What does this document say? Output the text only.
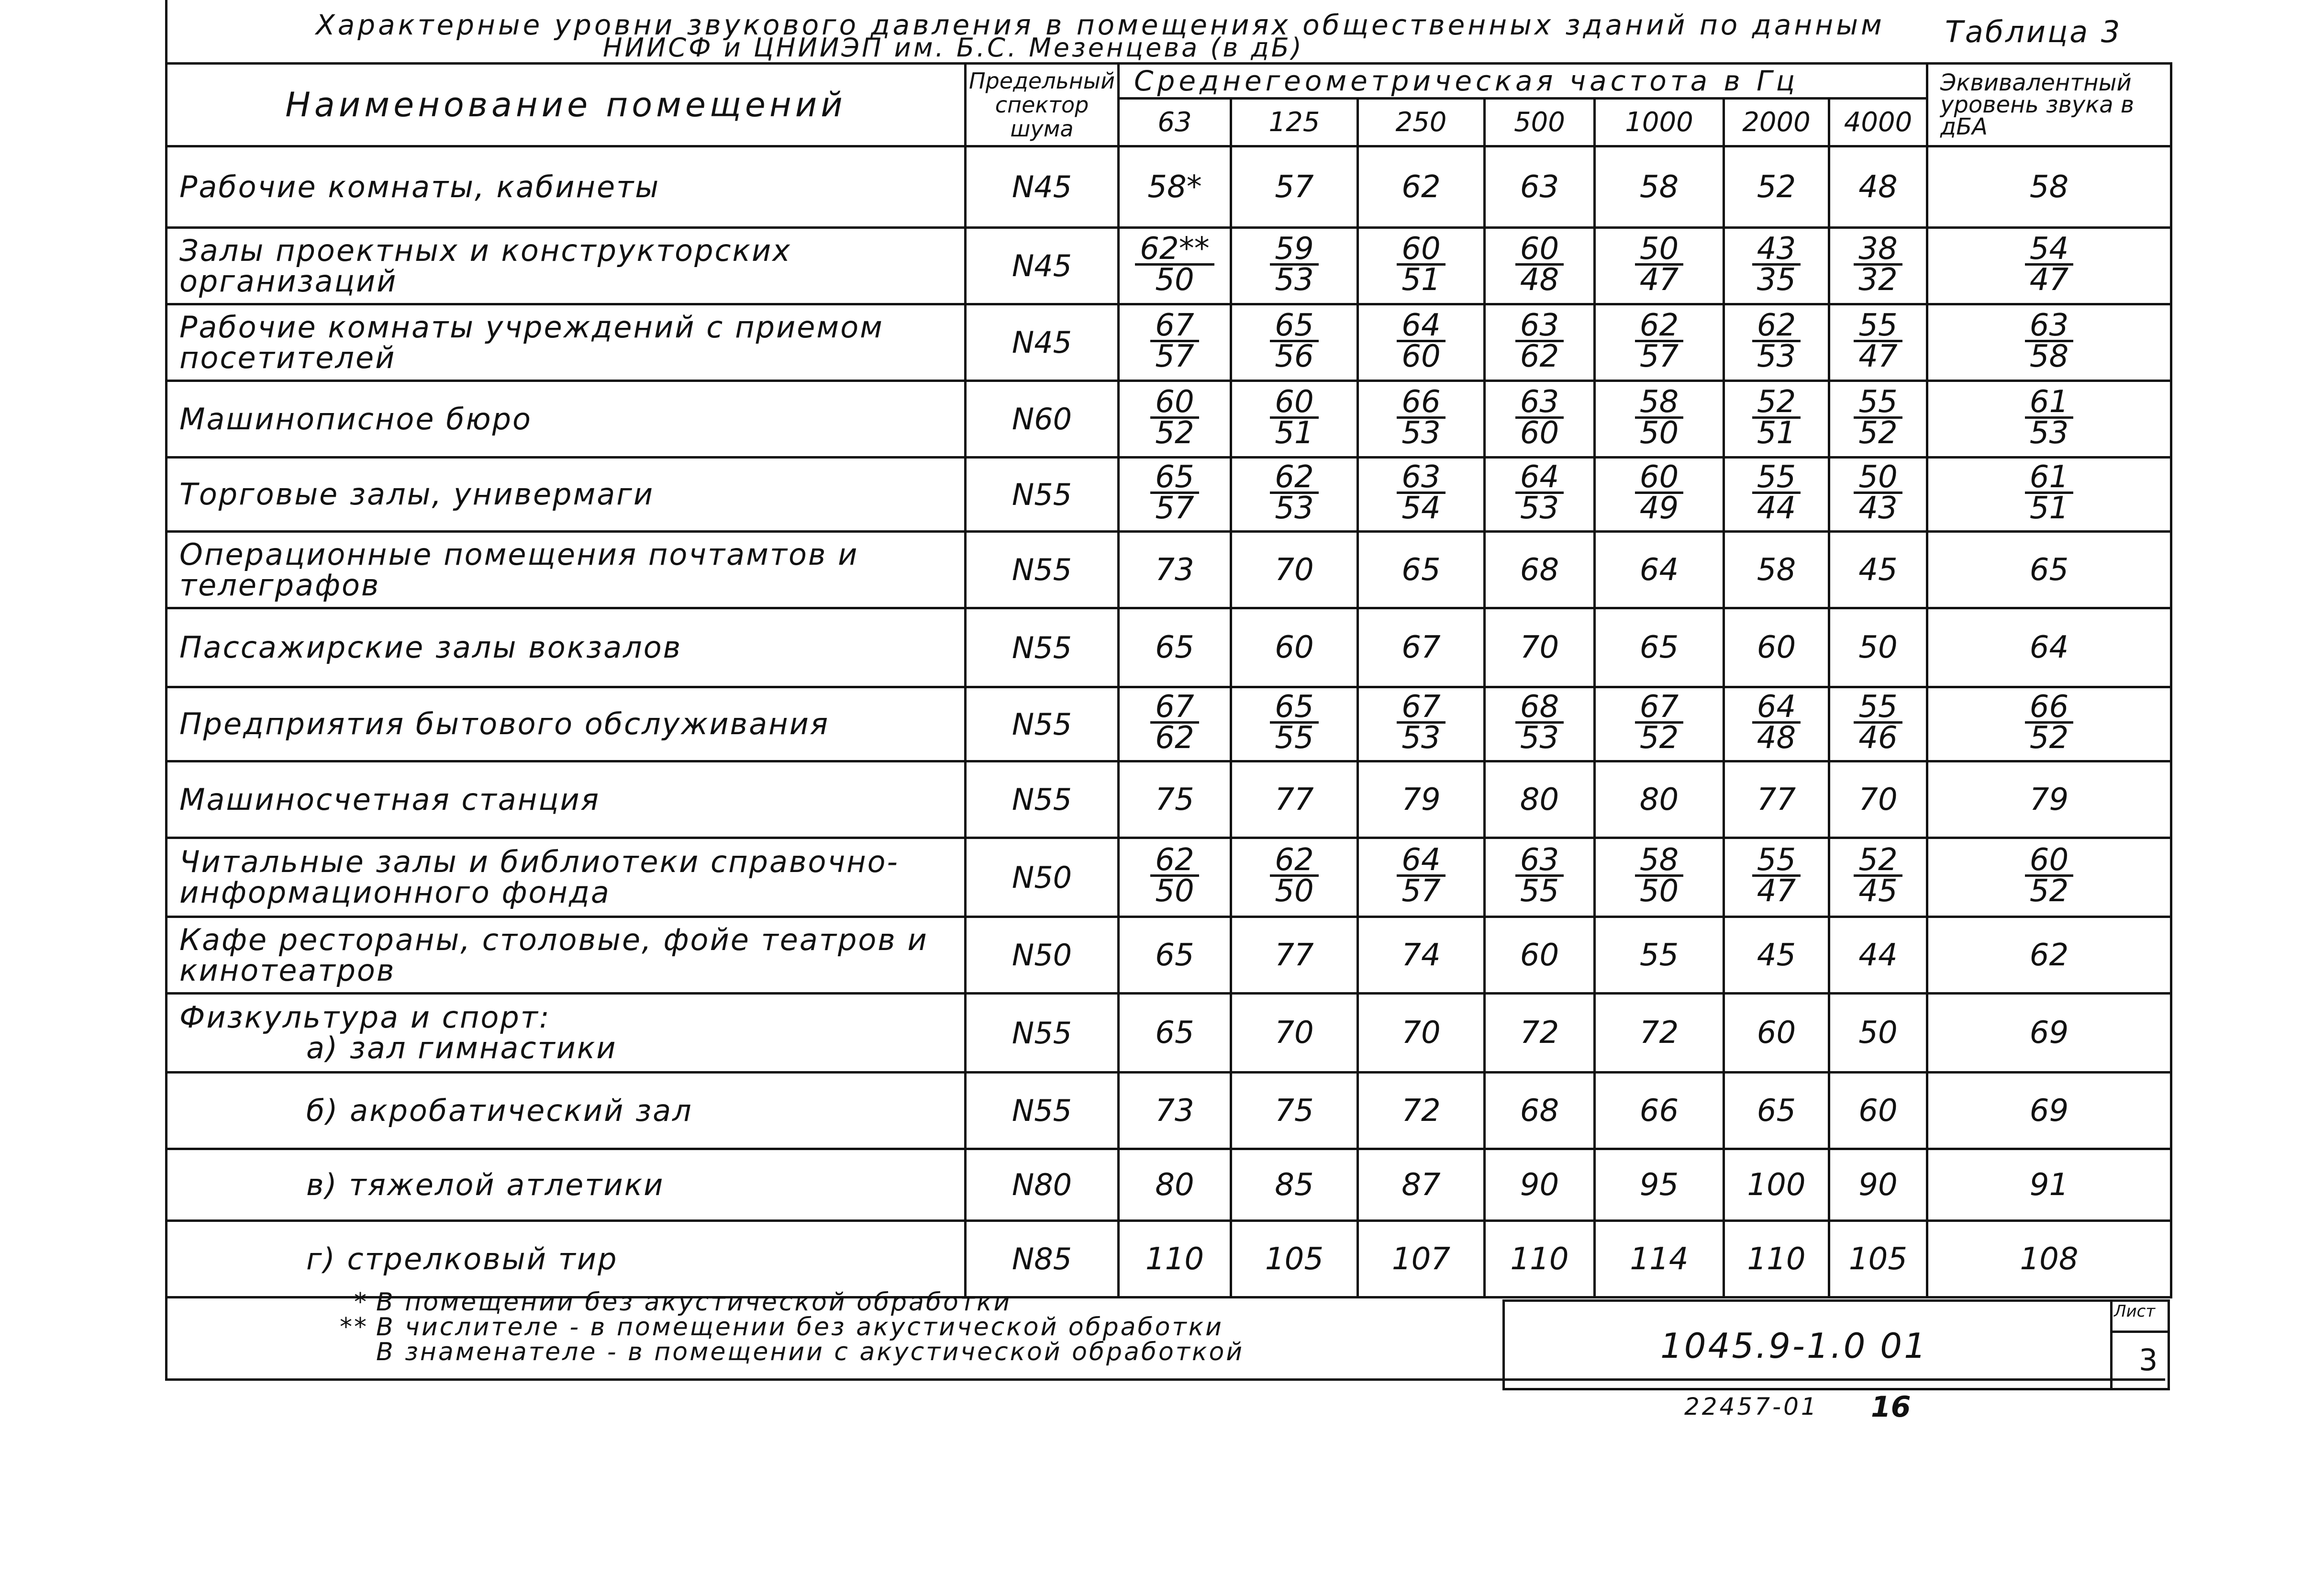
Характерные уровни звукового давления в помещениях общественных зданий по данным
НИИСФ и ЦНИИЭП им. Б.С. Мезенцева (в дБ)	Таблица 3
Наименование помещений	Предельный спектор шума	Среднегеометрическая частота в Гц							Эквивалентный уровень звука в дБА
		63	125	250	500	1000	2000	4000	

Рабочие комнаты, кабинеты	N45	58*	57	62	63	58	52	48	58

Залы проектных и конструкторских организаций	N45	$\frac{62**}{50}$	$\frac{59}{53}$	$\frac{60}{51}$	$\frac{60}{48}$	$\frac{50}{47}$	$\frac{43}{35}$	$\frac{38}{32}$	$\frac{54}{47}$

Рабочие комнаты учреждений с приемом посетителей	N45	$\frac{67}{57}$	$\frac{65}{56}$	$\frac{64}{60}$	$\frac{63}{62}$	$\frac{62}{57}$	$\frac{62}{53}$	$\frac{55}{47}$	$\frac{63}{58}$

Машинописное бюро	N60	$\frac{60}{52}$	$\frac{60}{51}$	$\frac{66}{53}$	$\frac{63}{60}$	$\frac{58}{50}$	$\frac{52}{51}$	$\frac{55}{52}$	$\frac{61}{53}$

Торговые залы, универмаги	N55	$\frac{65}{57}$	$\frac{62}{53}$	$\frac{63}{54}$	$\frac{64}{53}$	$\frac{60}{49}$	$\frac{55}{44}$	$\frac{50}{43}$	$\frac{61}{51}$

Операционные помещения почтамтов и телеграфов	N55	73	70	65	68	64	58	45	65

Пассажирские залы вокзалов	N55	65	60	67	70	65	60	50	64

Предприятия бытового обслуживания	N55	$\frac{67}{62}$	$\frac{65}{55}$	$\frac{67}{53}$	$\frac{68}{53}$	$\frac{67}{52}$	$\frac{64}{48}$	$\frac{55}{46}$	$\frac{66}{52}$

Машиносчетная станция	N55	75	77	79	80	80	77	70	79

Читальные залы и библиотеки справочно-информационного фонда	N50	$\frac{62}{50}$	$\frac{62}{50}$	$\frac{64}{57}$	$\frac{63}{55}$	$\frac{58}{50}$	$\frac{55}{47}$	$\frac{52}{45}$	$\frac{60}{52}$

Кафе рестораны, столовые, фойе театров и кинотеатров	N50	65	77	74	60	55	45	44	62

Физкультура и спорт:
а) зал гимнастики	N55	65	70	70	72	72	60	50	69

б) акробатический зал	N55	73	75	72	68	66	65	60	69

в) тяжелой атлетики	N80	80	85	87	90	95	100	90	91

г) стрелковый тир	N85	110	105	107	110	114	110	105	108
* В помещении без акустической обработки
** В числителе - в помещении без акустической обработки
В знаменателе - в помещении с акустической обработкой	1045.9-1.0 01
Лист
3
22457-01 16
